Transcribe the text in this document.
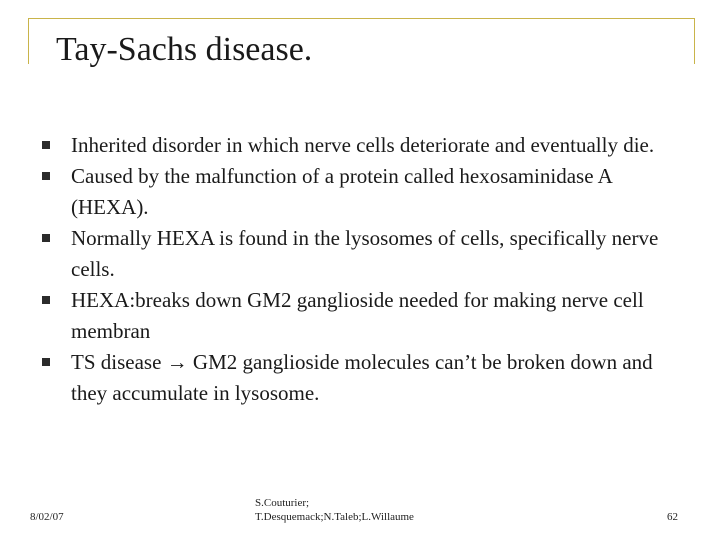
Tay-Sachs disease.
Inherited disorder in which nerve cells deteriorate and eventually die.
Caused by the malfunction of a protein called hexosaminidase A (HEXA).
Normally HEXA is found in the lysosomes of cells, specifically nerve cells.
HEXA:breaks down GM2 ganglioside needed for making nerve cell membran
TS disease → GM2 ganglioside molecules can’t be broken down and they accumulate in lysosome.
8/02/07
S.Couturier;
T.Desquemack;N.Taleb;L.Willaume	62
